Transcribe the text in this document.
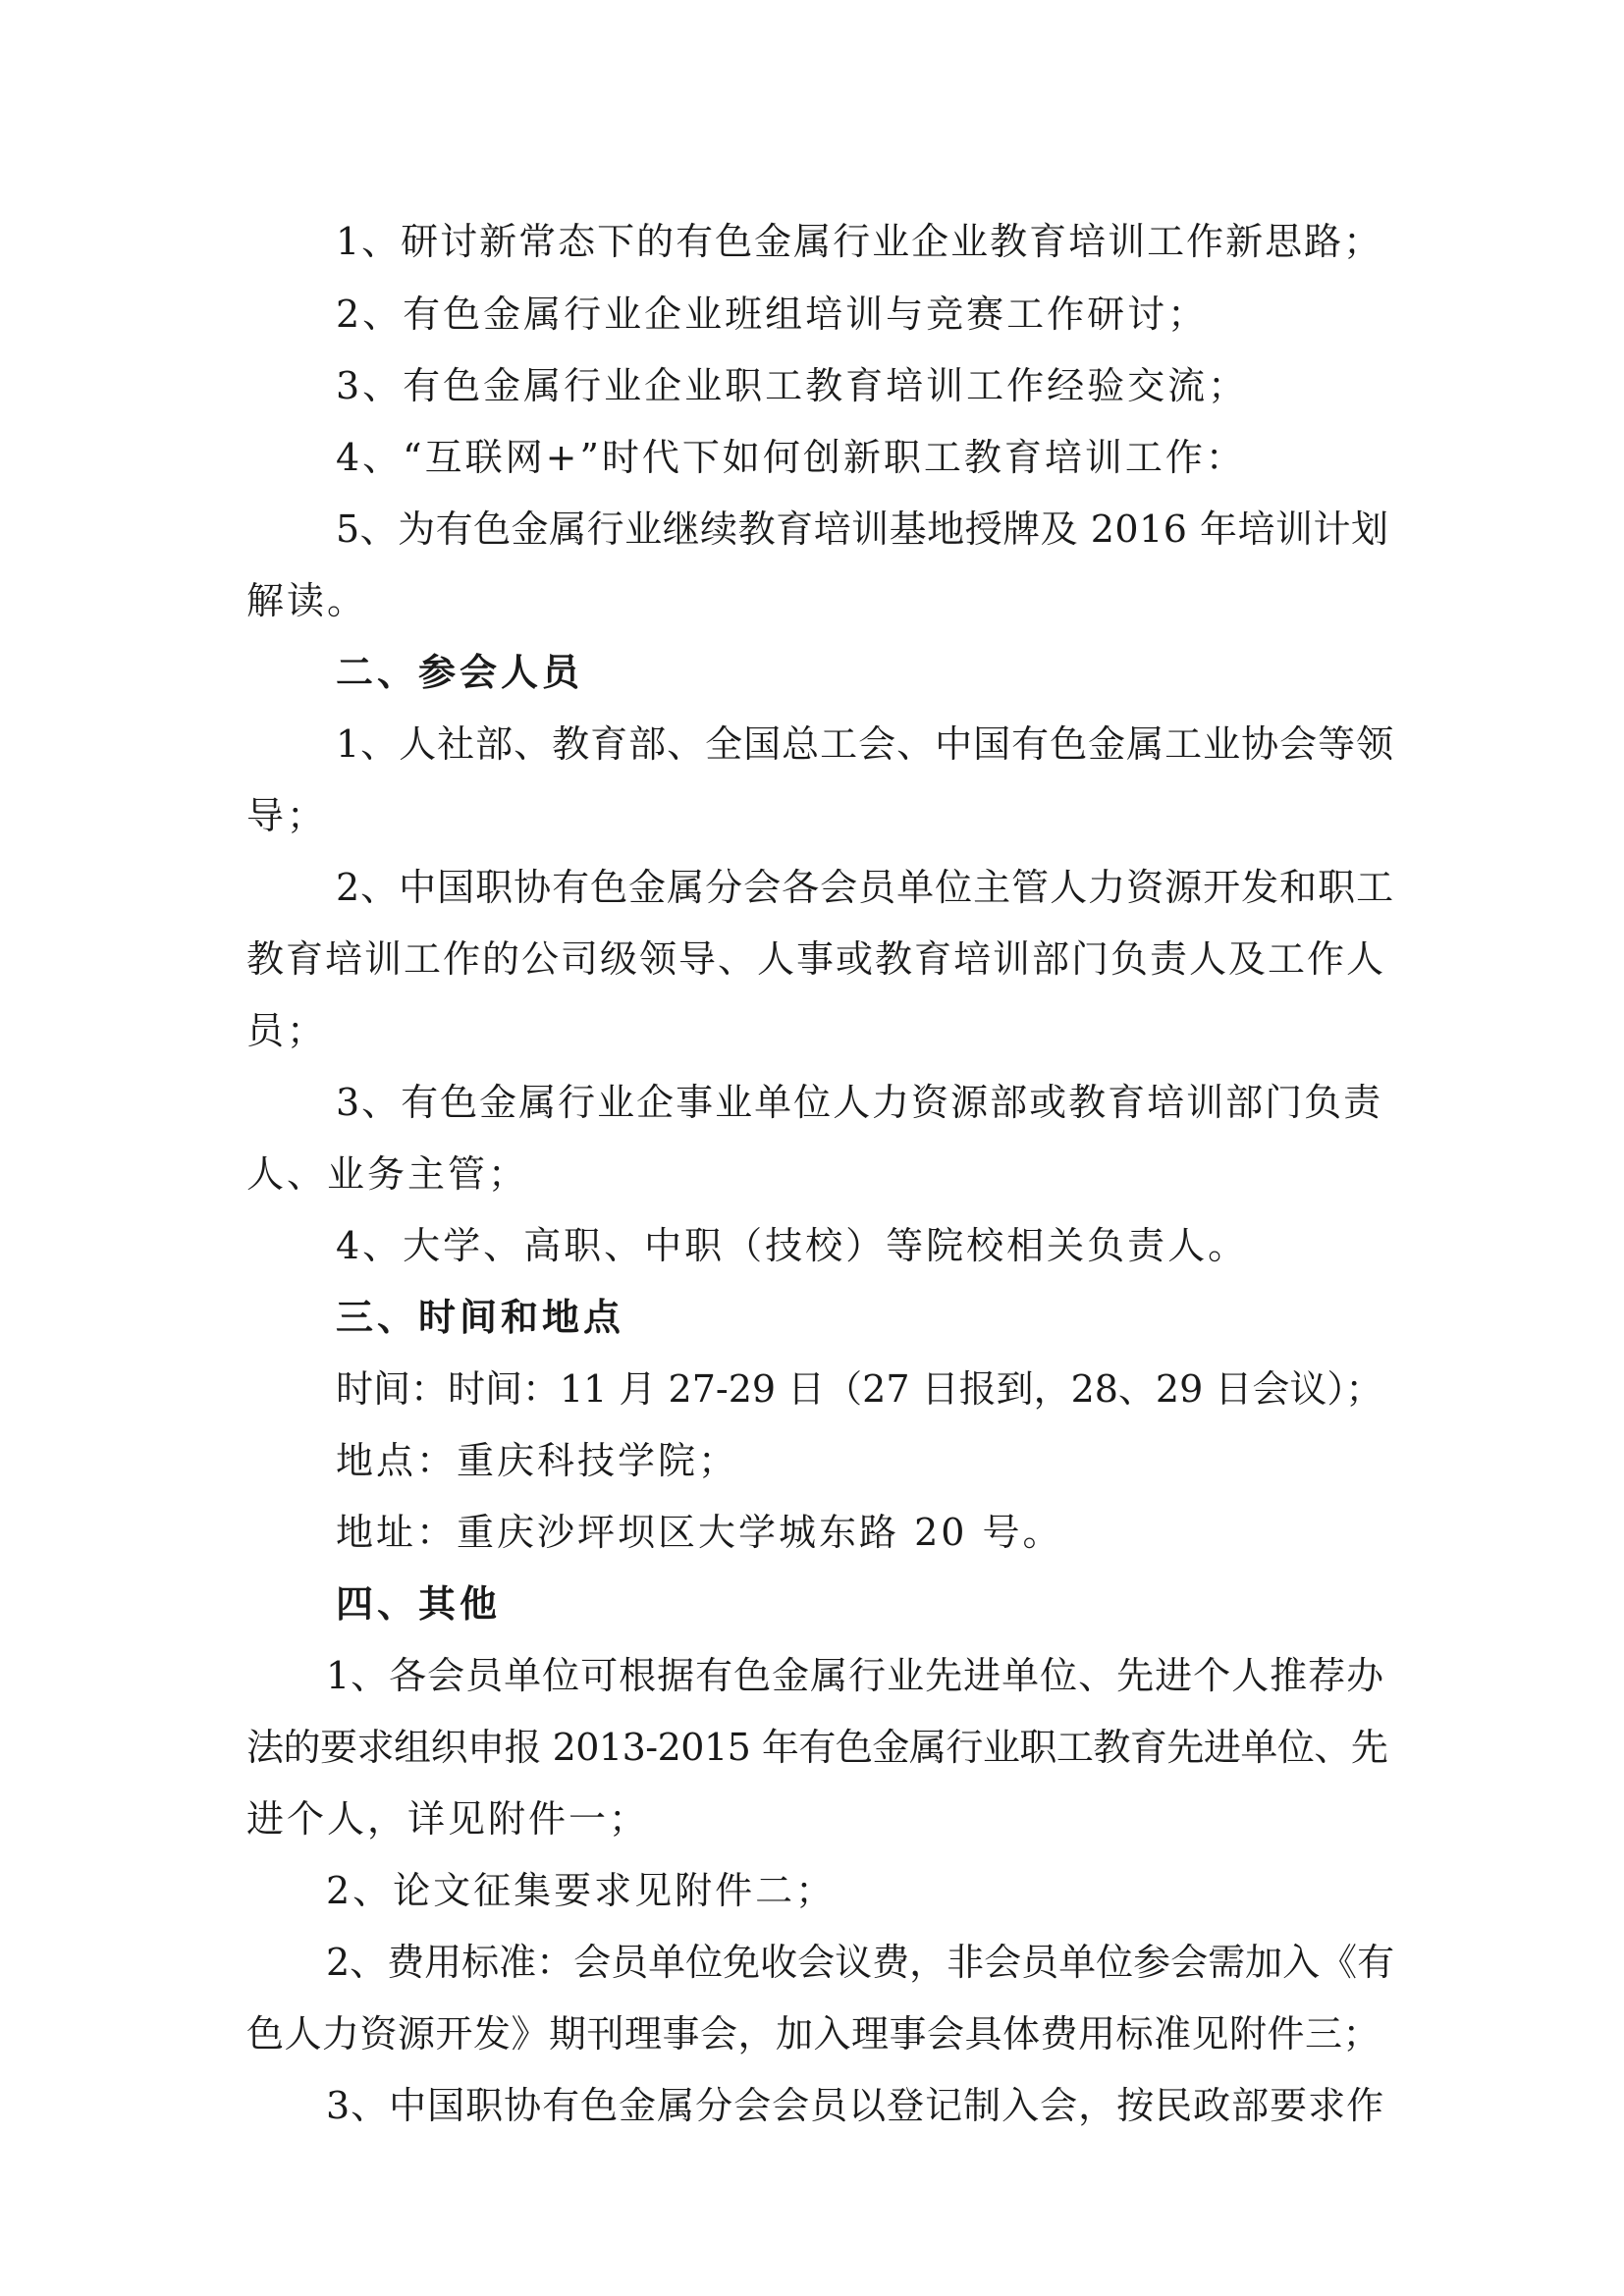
1、研讨新常态下的有色金属行业企业教育培训工作新思路；
2、有色金属行业企业班组培训与竞赛工作研讨；
3、有色金属行业企业职工教育培训工作经验交流；
4、“互联网+”时代下如何创新职工教育培训工作：
5、为有色金属行业继续教育培训基地授牌及 2016 年培训计划
解读。
二、参会人员
1、人社部、教育部、全国总工会、中国有色金属工业协会等领
导；
2、中国职协有色金属分会各会员单位主管人力资源开发和职工
教育培训工作的公司级领导、人事或教育培训部门负责人及工作人
员；
3、有色金属行业企事业单位人力资源部或教育培训部门负责
人、业务主管；
4、大学、高职、中职（技校）等院校相关负责人。
三、时间和地点
时间：时间：11 月 27-29 日（27 日报到，28、29 日会议）；
地点：重庆科技学院；
地址：重庆沙坪坝区大学城东路 20 号。
四、其他
1、各会员单位可根据有色金属行业先进单位、先进个人推荐办
法的要求组织申报 2013-2015 年有色金属行业职工教育先进单位、先
进个人，详见附件一；
2、论文征集要求见附件二；
2、费用标准：会员单位免收会议费，非会员单位参会需加入《有
色人力资源开发》期刊理事会，加入理事会具体费用标准见附件三；
3、中国职协有色金属分会会员以登记制入会，按民政部要求作
